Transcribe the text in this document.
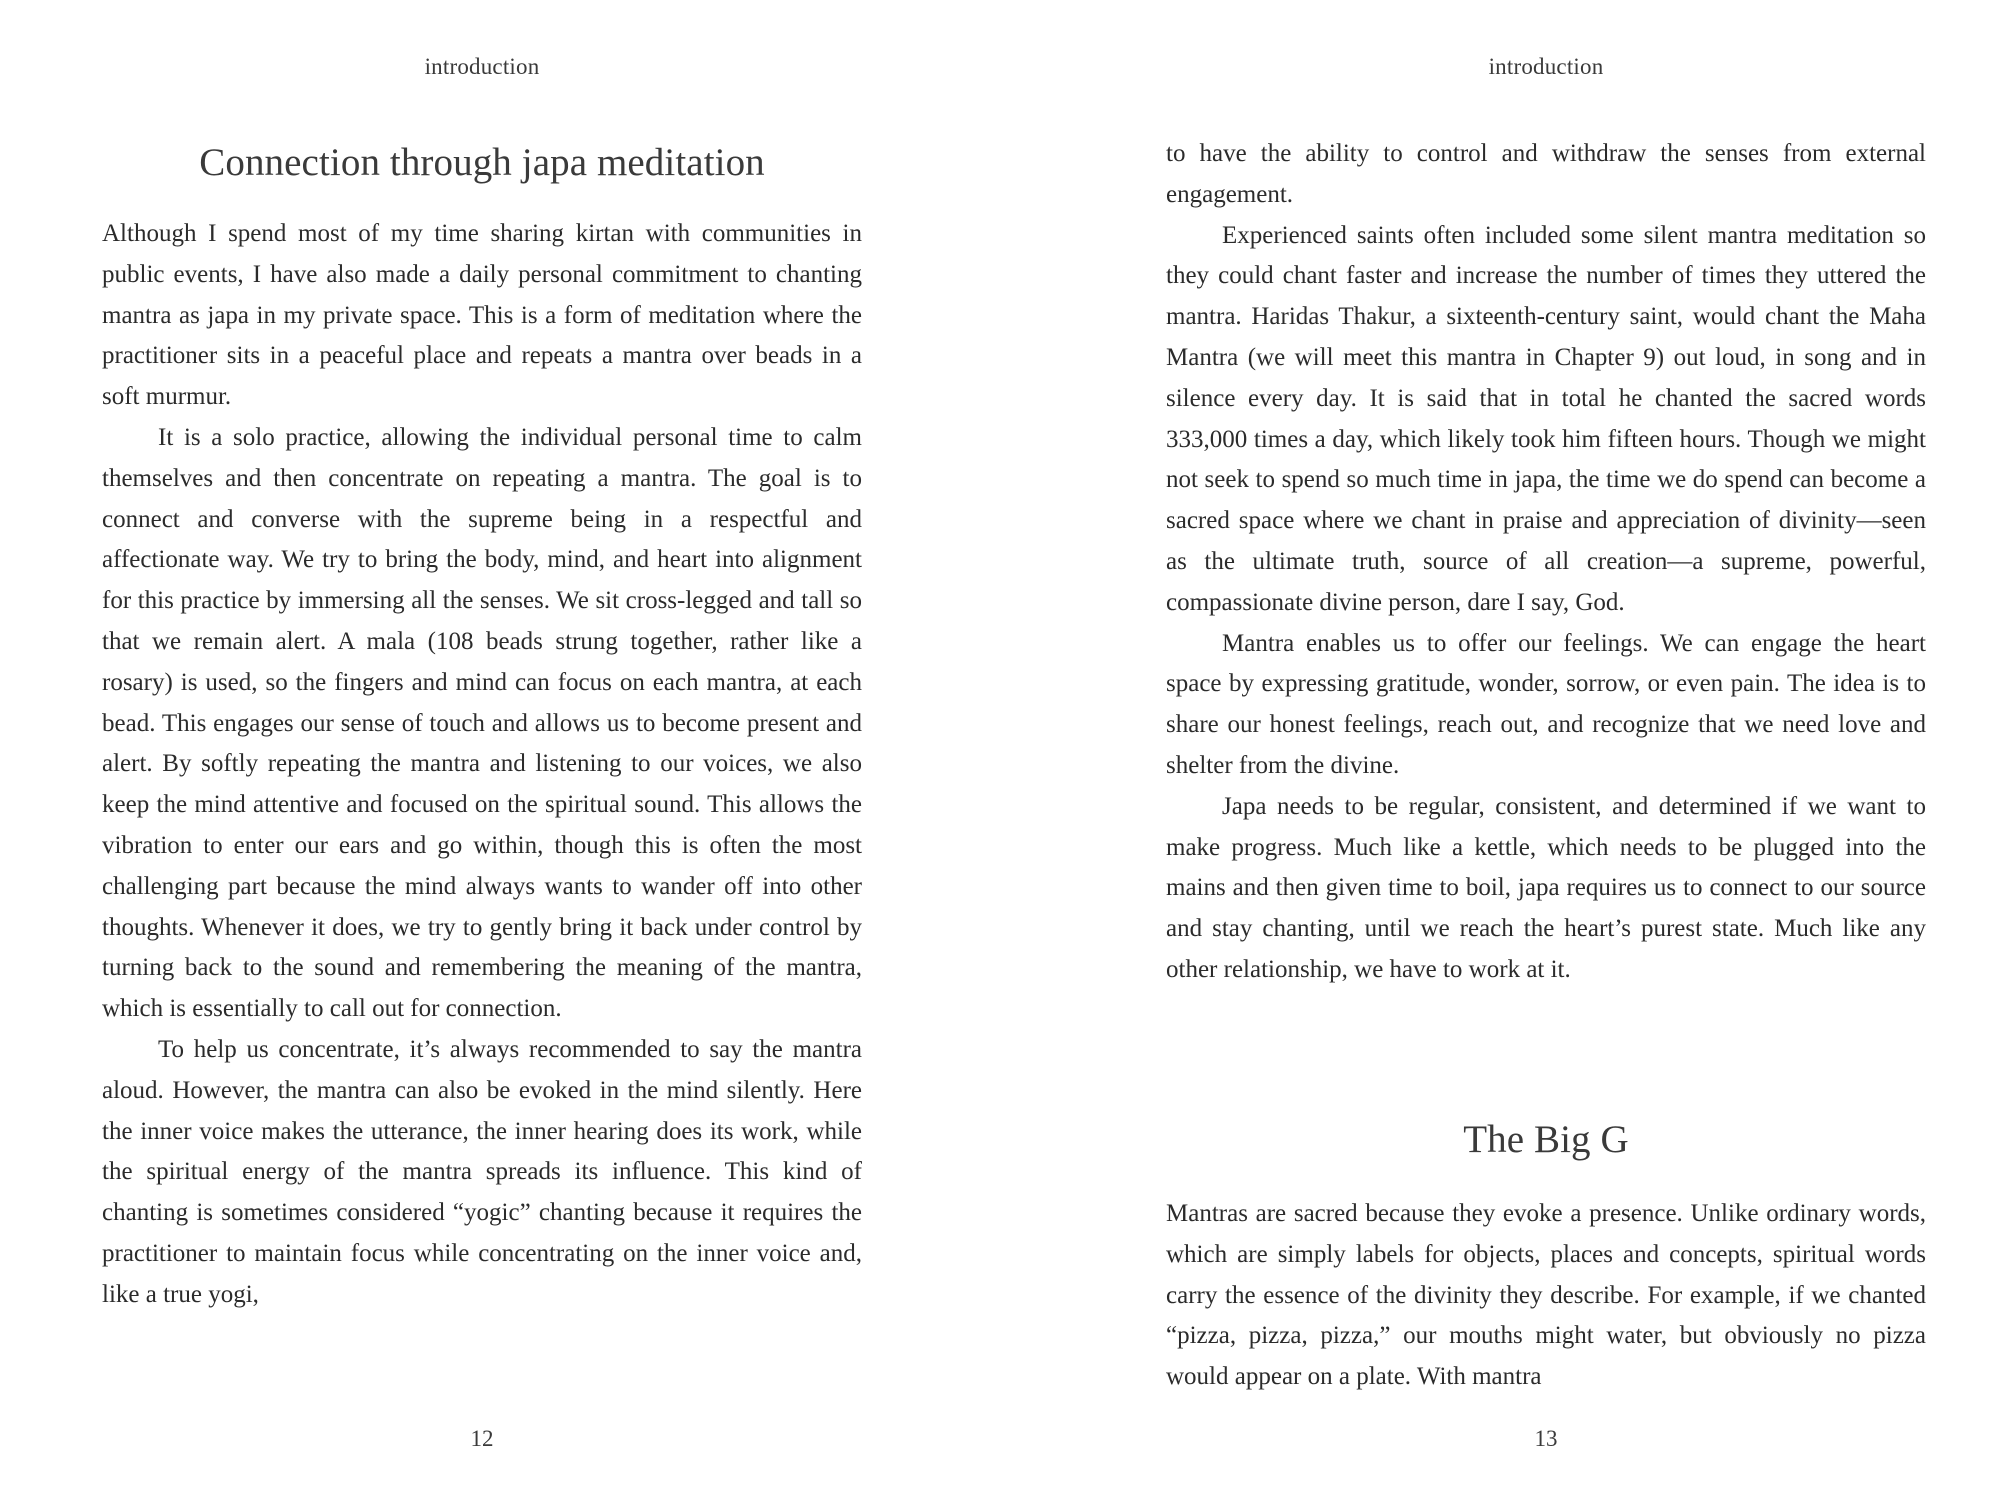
introduction
Connection through japa meditation

Although I spend most of my time sharing kirtan with communities in public events, I have also made a daily personal commitment to chanting mantra as japa in my private space. This is a form of meditation where the practitioner sits in a peaceful place and repeats a mantra over beads in a soft murmur.

It is a solo practice, allowing the individual personal time to calm themselves and then concentrate on repeating a mantra. The goal is to connect and converse with the supreme being in a respectful and affectionate way. We try to bring the body, mind, and heart into alignment for this practice by immersing all the senses. We sit cross-legged and tall so that we remain alert. A mala (108 beads strung together, rather like a rosary) is used, so the fingers and mind can focus on each mantra, at each bead. This engages our sense of touch and allows us to become present and alert. By softly repeating the mantra and listening to our voices, we also keep the mind attentive and focused on the spiritual sound. This allows the vibration to enter our ears and go within, though this is often the most challenging part because the mind always wants to wander off into other thoughts. Whenever it does, we try to gently bring it back under control by turning back to the sound and remembering the meaning of the mantra, which is essentially to call out for connection.

To help us concentrate, it’s always recommended to say the mantra aloud. However, the mantra can also be evoked in the mind silently. Here the inner voice makes the utterance, the inner hearing does its work, while the spiritual energy of the mantra spreads its influence. This kind of chanting is sometimes considered “yogic” chanting because it requires the practitioner to maintain focus while concentrating on the inner voice and, like a true yogi,

12
introduction

to have the ability to control and withdraw the senses from external engagement.

Experienced saints often included some silent mantra meditation so they could chant faster and increase the number of times they uttered the mantra. Haridas Thakur, a sixteenth-century saint, would chant the Maha Mantra (we will meet this mantra in Chapter 9) out loud, in song and in silence every day. It is said that in total he chanted the sacred words 333,000 times a day, which likely took him fifteen hours. Though we might not seek to spend so much time in japa, the time we do spend can become a sacred space where we chant in praise and appreciation of divinity—seen as the ultimate truth, source of all creation—a supreme, powerful, compassionate divine person, dare I say, God.

Mantra enables us to offer our feelings. We can engage the heart space by expressing gratitude, wonder, sorrow, or even pain. The idea is to share our honest feelings, reach out, and recognize that we need love and shelter from the divine.

Japa needs to be regular, consistent, and determined if we want to make progress. Much like a kettle, which needs to be plugged into the mains and then given time to boil, japa requires us to connect to our source and stay chanting, until we reach the heart’s purest state. Much like any other relationship, we have to work at it.

The Big G

Mantras are sacred because they evoke a presence. Unlike ordinary words, which are simply labels for objects, places and concepts, spiritual words carry the essence of the divinity they describe. For example, if we chanted “pizza, pizza, pizza,” our mouths might water, but obviously no pizza would appear on a plate. With mantra

13
